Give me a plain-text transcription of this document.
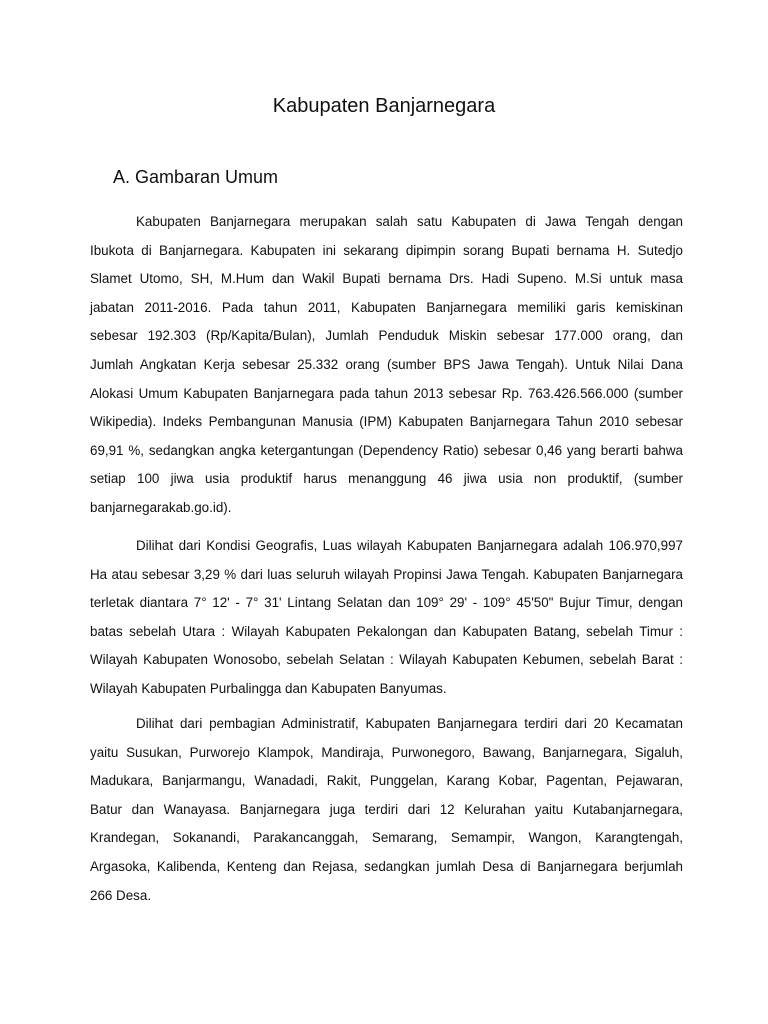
Kabupaten Banjarnegara
A. Gambaran Umum
Kabupaten Banjarnegara merupakan salah satu Kabupaten di Jawa Tengah dengan
Ibukota di Banjarnegara. Kabupaten ini sekarang dipimpin sorang Bupati bernama H. Sutedjo
Slamet Utomo, SH, M.Hum dan Wakil Bupati bernama Drs. Hadi Supeno. M.Si untuk masa
jabatan 2011-2016. Pada tahun 2011, Kabupaten Banjarnegara memiliki garis kemiskinan
sebesar 192.303 (Rp/Kapita/Bulan), Jumlah Penduduk Miskin sebesar 177.000 orang, dan
Jumlah Angkatan Kerja sebesar 25.332 orang (sumber BPS Jawa Tengah). Untuk Nilai Dana
Alokasi Umum Kabupaten Banjarnegara pada tahun 2013 sebesar Rp. 763.426.566.000 (sumber
Wikipedia). Indeks Pembangunan Manusia (IPM) Kabupaten Banjarnegara Tahun 2010 sebesar
69,91 %, sedangkan angka ketergantungan (Dependency Ratio) sebesar 0,46 yang berarti bahwa
setiap 100 jiwa usia produktif harus menanggung 46 jiwa usia non produktif, (sumber
banjarnegarakab.go.id).
Dilihat dari Kondisi Geografis, Luas wilayah Kabupaten Banjarnegara adalah 106.970,997
Ha atau sebesar 3,29 % dari luas seluruh wilayah Propinsi Jawa Tengah. Kabupaten Banjarnegara
terletak diantara 7° 12' - 7° 31' Lintang Selatan dan 109° 29' - 109° 45'50" Bujur Timur, dengan
batas sebelah Utara : Wilayah Kabupaten Pekalongan dan Kabupaten Batang, sebelah Timur :
Wilayah Kabupaten Wonosobo, sebelah Selatan : Wilayah Kabupaten Kebumen, sebelah Barat :
Wilayah Kabupaten Purbalingga dan Kabupaten Banyumas.
Dilihat dari pembagian Administratif, Kabupaten Banjarnegara terdiri dari 20 Kecamatan
yaitu Susukan, Purworejo Klampok, Mandiraja, Purwonegoro, Bawang, Banjarnegara, Sigaluh,
Madukara, Banjarmangu, Wanadadi, Rakit, Punggelan, Karang Kobar, Pagentan, Pejawaran,
Batur dan Wanayasa. Banjarnegara juga terdiri dari 12 Kelurahan yaitu Kutabanjarnegara,
Krandegan, Sokanandi, Parakancanggah, Semarang, Semampir, Wangon, Karangtengah,
Argasoka, Kalibenda, Kenteng dan Rejasa, sedangkan jumlah Desa di Banjarnegara berjumlah
266 Desa.
